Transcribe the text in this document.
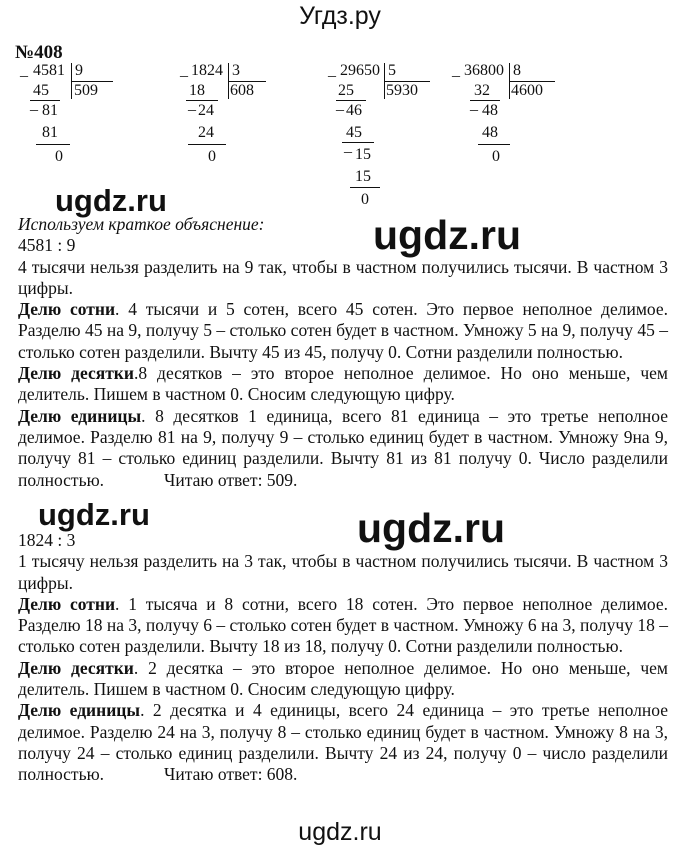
Угдз.ру
№408
_ 4581 9
509
45
_ 81
81
0
_ 1824 3
608
18
_ 24
24
0
_ 29650 5
5930
25
_ 46
45
_ 15
15
0
_ 36800 8
4600
32
_ 48
48
0

Используем краткое объяснение:

4581 : 9

4 тысячи нельзя разделить на 9 так, чтобы в частном получились тысячи. В частном 3 цифры.

Делю сотни. 4 тысячи и 5 сотен, всего 45 сотен. Это первое неполное делимое. Разделю 45 на 9, получу 5 – столько сотен будет в частном. Умножу 5 на 9, получу 45 – столько сотен разделили. Вычту 45 из 45, получу 0. Сотни разделили полностью.

Делю десятки.8 десятков – это второе неполное делимое. Но оно меньше, чем делитель. Пишем в частном 0. Сносим следующую цифру.

Делю единицы. 8 десятков 1 единица, всего 81 единица – это третье неполное делимое. Разделю 81 на 9, получу 9 – столько единиц будет в частном. Умножу 9на 9, получу 81 – столько единиц разделили. Вычту 81 из 81 получу 0. Число разделили полностью.	Читаю ответ: 509.

1824 : 3

1 тысячу нельзя разделить на 3 так, чтобы в частном получились тысячи. В частном 3 цифры.

Делю сотни. 1 тысяча и 8 сотни, всего 18 сотен. Это первое неполное делимое. Разделю 18 на 3, получу 6 – столько сотен будет в частном. Умножу 6 на 3, получу 18 – столько сотен разделили. Вычту 18 из 18, получу 0. Сотни разделили полностью.

Делю десятки. 2 десятка – это второе неполное делимое. Но оно меньше, чем делитель. Пишем в частном 0. Сносим следующую цифру.

Делю единицы. 2 десятка и 4 единицы, всего 24 единица – это третье неполное делимое. Разделю 24 на 3, получу 8 – столько единиц будет в частном. Умножу 8 на 3, получу 24 – столько единиц разделили. Вычту 24 из 24, получу 0 – число разделили полностью.	Читаю ответ: 608.

ugdz.ru
ugdz.ru
ugdz.ru	ugdz.ru
ugdz.ru
